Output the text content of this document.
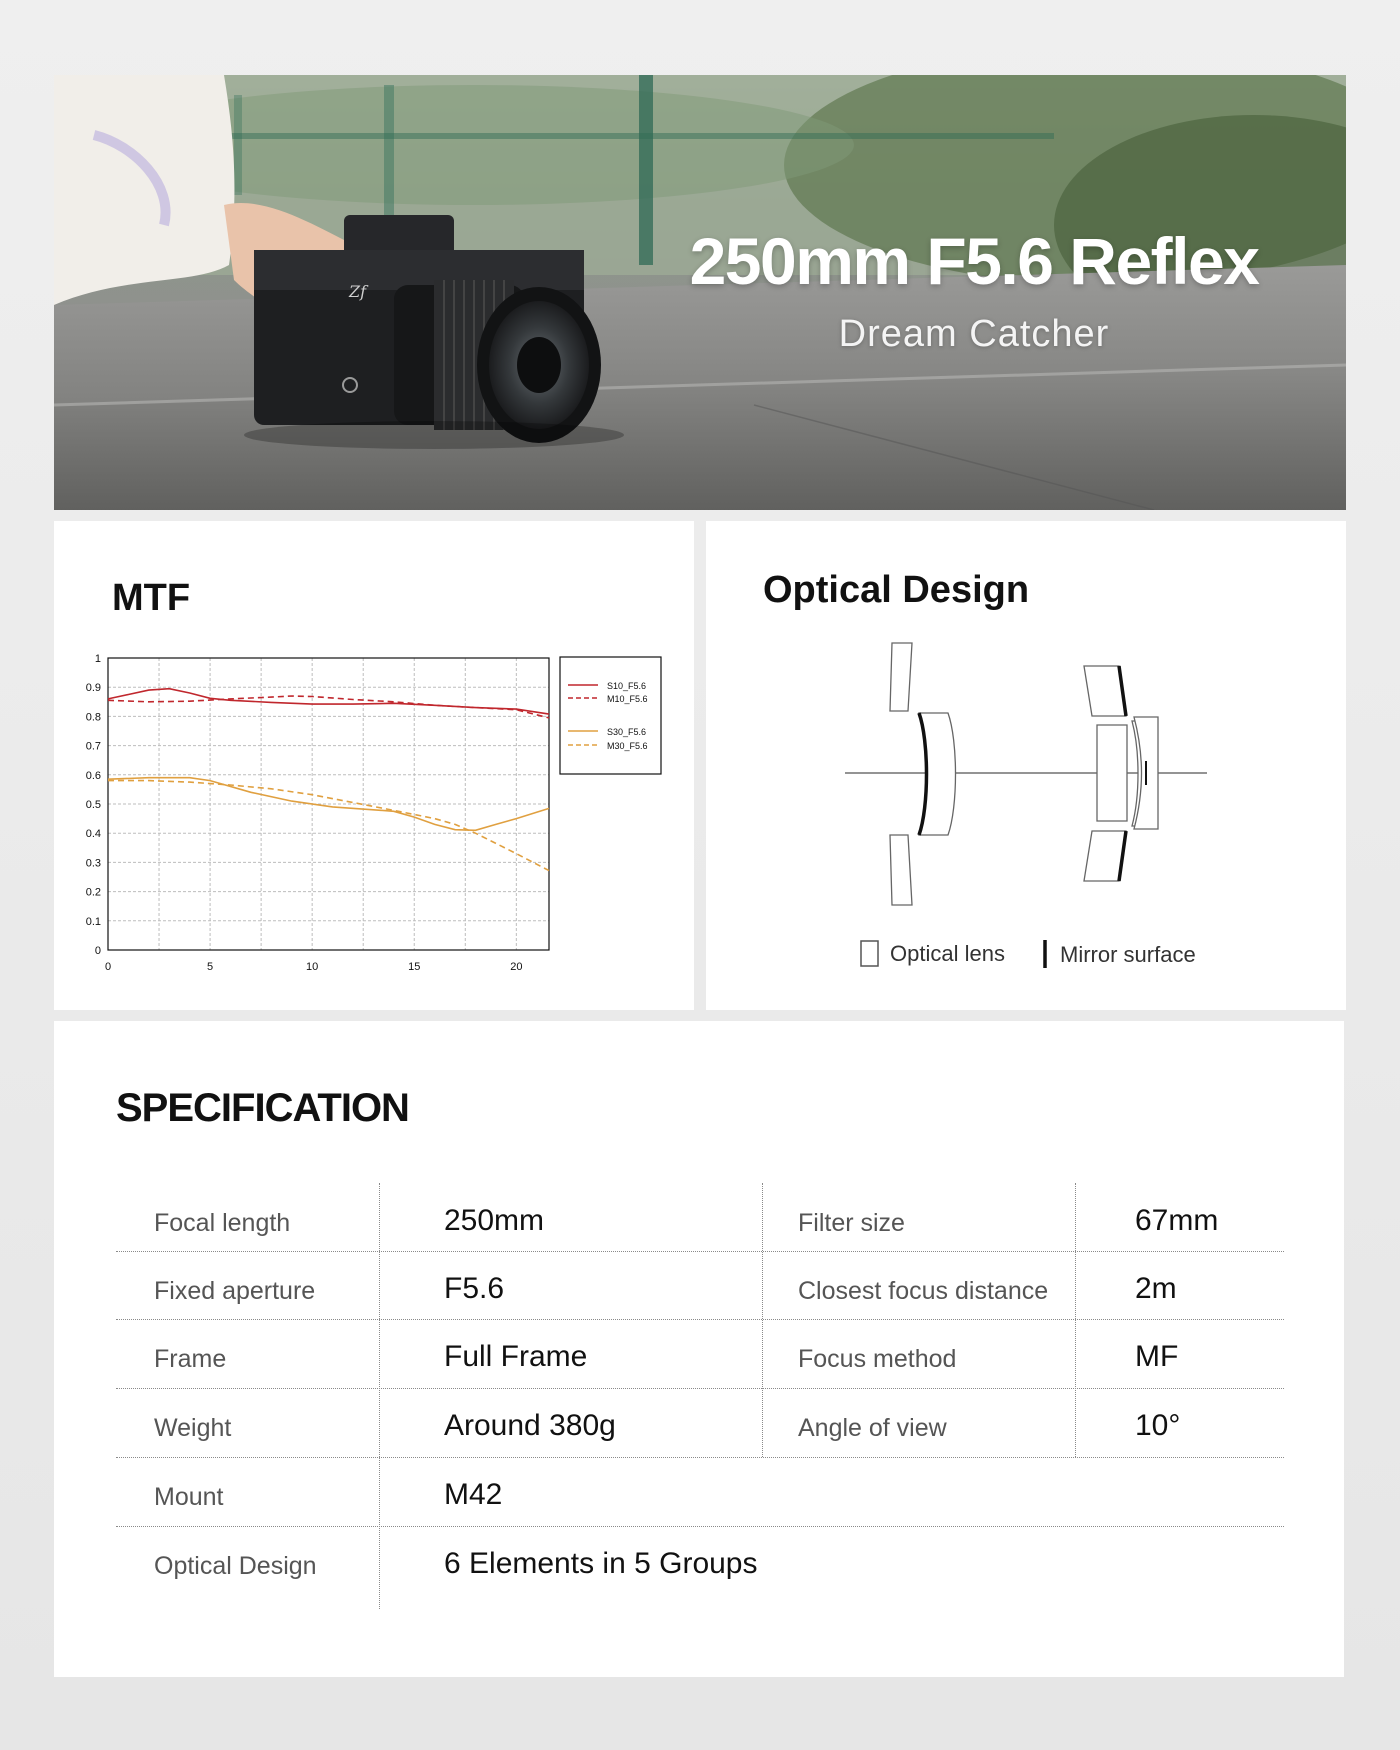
Zf	250mm F5.6 Reflex
Dream Catcher
MTF
0
0.1
0.2
0.3
0.4
0.5
0.6
0.7
0.8
0.9
1
0	5	10	15	20
S10_F5.6
M10_F5.6
S30_F5.6
M30_F5.6
Optical Design
Optical lens	Mirror surface
SPECIFICATION
Focal length	250mm	Filter size	67mm
Fixed aperture	F5.6	Closest focus distance	2m
Frame	Full Frame	Focus method	MF
Weight	Around 380g	Angle of view	10°
Mount	M42
Optical Design	6 Elements in 5 Groups
